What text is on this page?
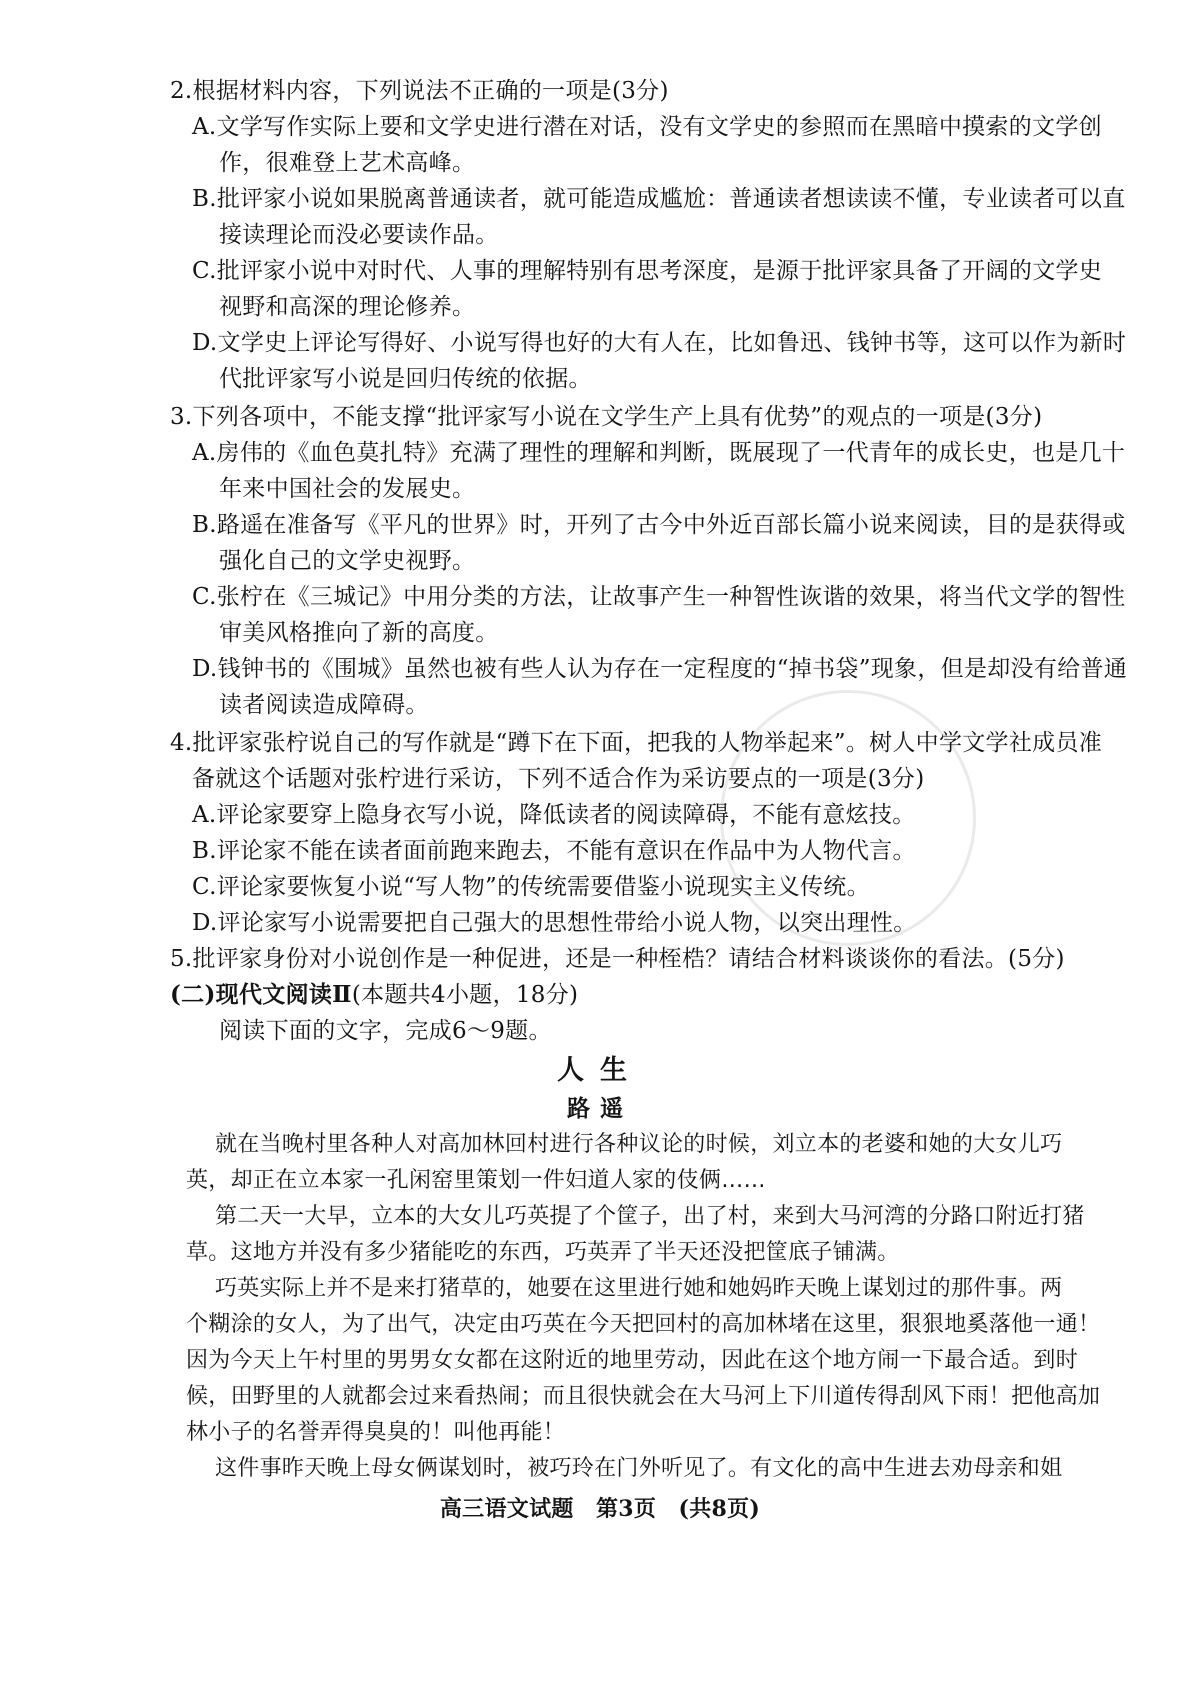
2.根据材料内容，下列说法不正确的一项是(3分)
A.文学写作实际上要和文学史进行潜在对话，没有文学史的参照而在黑暗中摸索的文学创
作，很难登上艺术高峰。
B.批评家小说如果脱离普通读者，就可能造成尴尬：普通读者想读读不懂，专业读者可以直
接读理论而没必要读作品。
C.批评家小说中对时代、人事的理解特别有思考深度，是源于批评家具备了开阔的文学史
视野和高深的理论修养。
D.文学史上评论写得好、小说写得也好的大有人在，比如鲁迅、钱钟书等，这可以作为新时
代批评家写小说是回归传统的依据。
3.下列各项中，不能支撑“批评家写小说在文学生产上具有优势”的观点的一项是(3分)
A.房伟的《血色莫扎特》充满了理性的理解和判断，既展现了一代青年的成长史，也是几十
年来中国社会的发展史。
B.路遥在准备写《平凡的世界》时，开列了古今中外近百部长篇小说来阅读，目的是获得或
强化自己的文学史视野。
C.张柠在《三城记》中用分类的方法，让故事产生一种智性诙谐的效果，将当代文学的智性
审美风格推向了新的高度。
D.钱钟书的《围城》虽然也被有些人认为存在一定程度的“掉书袋”现象，但是却没有给普通
读者阅读造成障碍。
4.批评家张柠说自己的写作就是“蹲下在下面，把我的人物举起来”。树人中学文学社成员准
备就这个话题对张柠进行采访，下列不适合作为采访要点的一项是(3分)
A.评论家要穿上隐身衣写小说，降低读者的阅读障碍，不能有意炫技。
B.评论家不能在读者面前跑来跑去，不能有意识在作品中为人物代言。
C.评论家要恢复小说“写人物”的传统需要借鉴小说现实主义传统。
D.评论家写小说需要把自己强大的思想性带给小说人物，以突出理性。
5.批评家身份对小说创作是一种促进，还是一种桎梏？请结合材料谈谈你的看法。(5分)
(二)现代文阅读Ⅱ(本题共4小题，18分)
阅读下面的文字，完成6～9题。
人生
路遥
就在当晚村里各种人对高加林回村进行各种议论的时候，刘立本的老婆和她的大女儿巧
英，却正在立本家一孔闲窑里策划一件妇道人家的伎俩……
第二天一大早，立本的大女儿巧英提了个筐子，出了村，来到大马河湾的分路口附近打猪
草。这地方并没有多少猪能吃的东西，巧英弄了半天还没把筐底子铺满。
巧英实际上并不是来打猪草的，她要在这里进行她和她妈昨天晚上谋划过的那件事。两
个糊涂的女人，为了出气，决定由巧英在今天把回村的高加林堵在这里，狠狠地奚落他一通！
因为今天上午村里的男男女女都在这附近的地里劳动，因此在这个地方闹一下最合适。到时
候，田野里的人就都会过来看热闹；而且很快就会在大马河上下川道传得刮风下雨！把他高加
林小子的名誉弄得臭臭的！叫他再能！
这件事昨天晚上母女俩谋划时，被巧玲在门外听见了。有文化的高中生进去劝母亲和姐
高三语文试题　第3页　(共8页)
